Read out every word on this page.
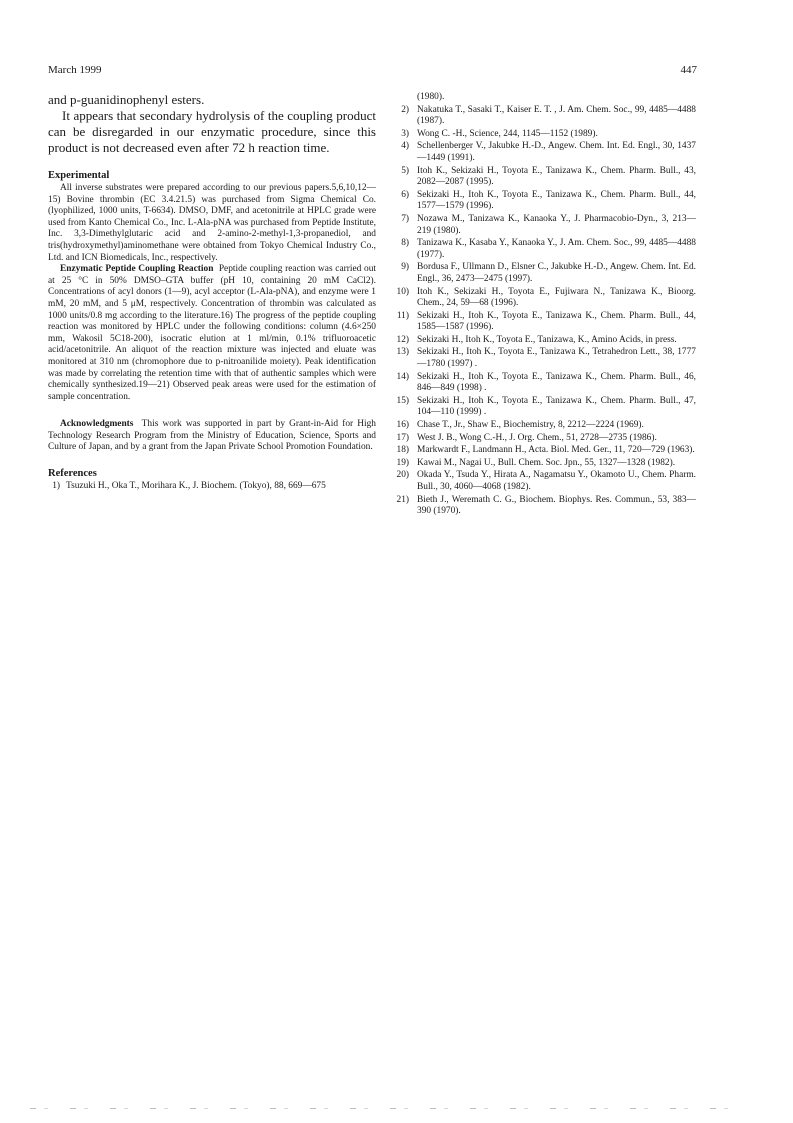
March 1999	447

and p-guanidinophenyl esters.

It appears that secondary hydrolysis of the coupling product can be disregarded in our enzymatic procedure, since this product is not decreased even after 72 h reaction time.

Experimental

All inverse substrates were prepared according to our previous papers.5,6,10,12—15) Bovine thrombin (EC 3.4.21.5) was purchased from Sigma Chemical Co. (lyophilized, 1000 units, T-6634). DMSO, DMF, and acetonitrile at HPLC grade were used from Kanto Chemical Co., Inc. L-Ala-pNA was purchased from Peptide Institute, Inc. 3,3-Dimethylglutaric acid and 2-amino-2-methyl-1,3-propanediol, and tris(hydroxymethyl)aminomethane were obtained from Tokyo Chemical Industry Co., Ltd. and ICN Biomedicals, Inc., respectively.

Enzymatic Peptide Coupling Reaction Peptide coupling reaction was carried out at 25 °C in 50% DMSO–GTA buffer (pH 10, containing 20 mM CaCl2). Concentrations of acyl donors (1—9), acyl acceptor (L-Ala-pNA), and enzyme were 1 mM, 20 mM, and 5 μM, respectively. Concentration of thrombin was calculated as 1000 units/0.8 mg according to the literature.16) The progress of the peptide coupling reaction was monitored by HPLC under the following conditions: column (4.6×250 mm, Wakosil 5C18-200), isocratic elution at 1 ml/min, 0.1% trifluoroacetic acid/acetonitrile. An aliquot of the reaction mixture was injected and eluate was monitored at 310 nm (chromophore due to p-nitroanilide moiety). Peak identification was made by correlating the retention time with that of authentic samples which were chemically synthesized.19—21) Observed peak areas were used for the estimation of sample concentration.

Acknowledgments This work was supported in part by Grant-in-Aid for High Technology Research Program from the Ministry of Education, Science, Sports and Culture of Japan, and by a grant from the Japan Private School Promotion Foundation.

References
1) Tsuzuki H., Oka T., Morihara K., J. Biochem. (Tokyo), 88, 669—675
(1980).
2) Nakatuka T., Sasaki T., Kaiser E. T. , J. Am. Chem. Soc., 99, 4485—4488 (1987).
3) Wong C. -H., Science, 244, 1145—1152 (1989).
4) Schellenberger V., Jakubke H.-D., Angew. Chem. Int. Ed. Engl., 30, 1437—1449 (1991).
5) Itoh K., Sekizaki H., Toyota E., Tanizawa K., Chem. Pharm. Bull., 43, 2082—2087 (1995).
6) Sekizaki H., Itoh K., Toyota E., Tanizawa K., Chem. Pharm. Bull., 44, 1577—1579 (1996).
7) Nozawa M., Tanizawa K., Kanaoka Y., J. Pharmacobio-Dyn., 3, 213—219 (1980).
8) Tanizawa K., Kasaba Y., Kanaoka Y., J. Am. Chem. Soc., 99, 4485—4488 (1977).
9) Bordusa F., Ullmann D., Elsner C., Jakubke H.-D., Angew. Chem. Int. Ed. Engl., 36, 2473—2475 (1997).
10) Itoh K., Sekizaki H., Toyota E., Fujiwara N., Tanizawa K., Bioorg. Chem., 24, 59—68 (1996).
11) Sekizaki H., Itoh K., Toyota E., Tanizawa K., Chem. Pharm. Bull., 44, 1585—1587 (1996).
12) Sekizaki H., Itoh K., Toyota E., Tanizawa, K., Amino Acids, in press.
13) Sekizaki H., Itoh K., Toyota E., Tanizawa K., Tetrahedron Lett., 38, 1777—1780 (1997) .
14) Sekizaki H., Itoh K., Toyota E., Tanizawa K., Chem. Pharm. Bull., 46, 846—849 (1998) .
15) Sekizaki H., Itoh K., Toyota E., Tanizawa K., Chem. Pharm. Bull., 47, 104—110 (1999) .
16) Chase T., Jr., Shaw E., Biochemistry, 8, 2212—2224 (1969).
17) West J. B., Wong C.-H., J. Org. Chem., 51, 2728—2735 (1986).
18) Markwardt F., Landmann H., Acta. Biol. Med. Ger., 11, 720—729 (1963).
19) Kawai M., Nagai U., Bull. Chem. Soc. Jpn., 55, 1327—1328 (1982).
20) Okada Y., Tsuda Y., Hirata A., Nagamatsu Y., Okamoto U., Chem. Pharm. Bull., 30, 4060—4068 (1982).
21) Bieth J., Weremath C. G., Biochem. Biophys. Res. Commun., 53, 383—390 (1970).
